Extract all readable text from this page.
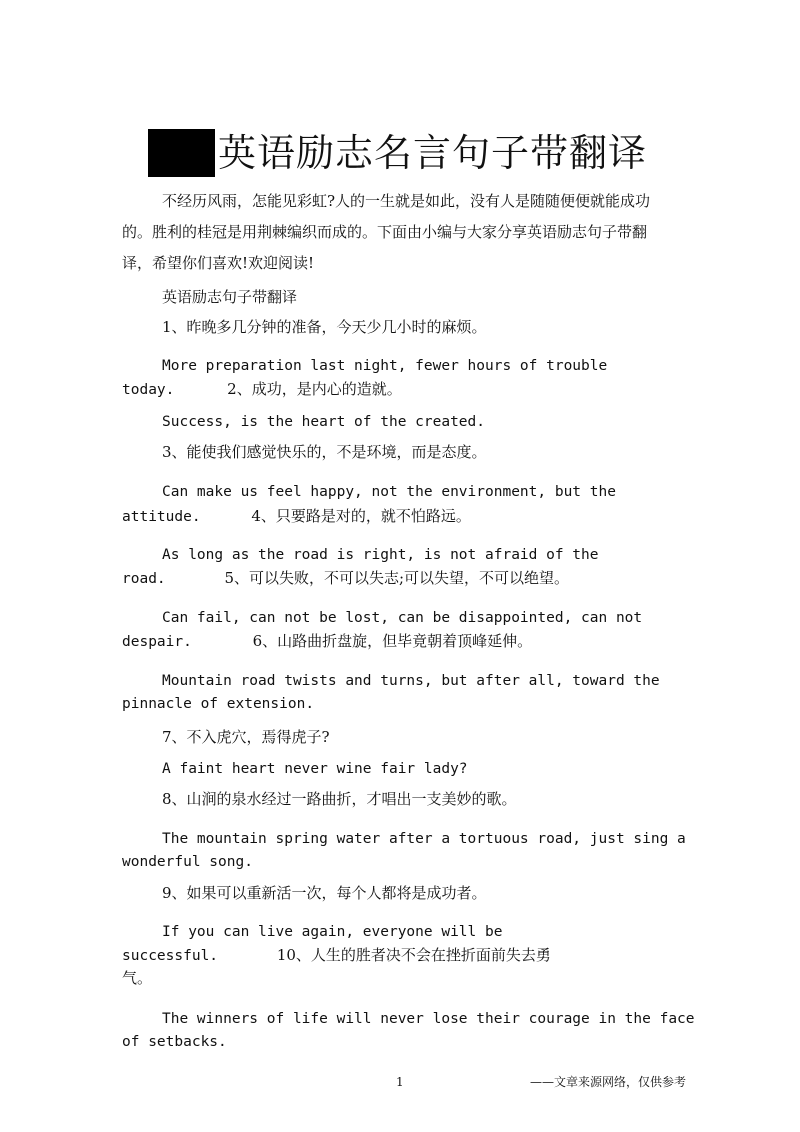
英语励志名言句子带翻译
不经历风雨，怎能见彩虹?人的一生就是如此，没有人是随随便便就能成功
的。胜利的桂冠是用荆棘编织而成的。下面由小编与大家分享英语励志句子带翻
译，希望你们喜欢!欢迎阅读!
英语励志句子带翻译
1、昨晚多几分钟的准备，今天少几小时的麻烦。
More preparation last night, fewer hours of trouble
today.	2、成功，是内心的造就。
Success, is the heart of the created.
3、能使我们感觉快乐的，不是环境，而是态度。
Can make us feel happy, not the environment, but the
attitude.	4、只要路是对的，就不怕路远。
As long as the road is right, is not afraid of the
road.	5、可以失败，不可以失志;可以失望，不可以绝望。
Can fail, can not be lost, can be disappointed, can not
despair.	6、山路曲折盘旋，但毕竟朝着顶峰延伸。
Mountain road twists and turns, but after all, toward the
pinnacle of extension.
7、不入虎穴，焉得虎子?
A faint heart never wine fair lady?
8、山涧的泉水经过一路曲折，才唱出一支美妙的歌。
The mountain spring water after a tortuous road, just sing a
wonderful song.
9、如果可以重新活一次，每个人都将是成功者。
If you can live again, everyone will be
successful.	10、人生的胜者决不会在挫折面前失去勇
气。
The winners of life will never lose their courage in the face
of setbacks.
1	——文章来源网络，仅供参考
